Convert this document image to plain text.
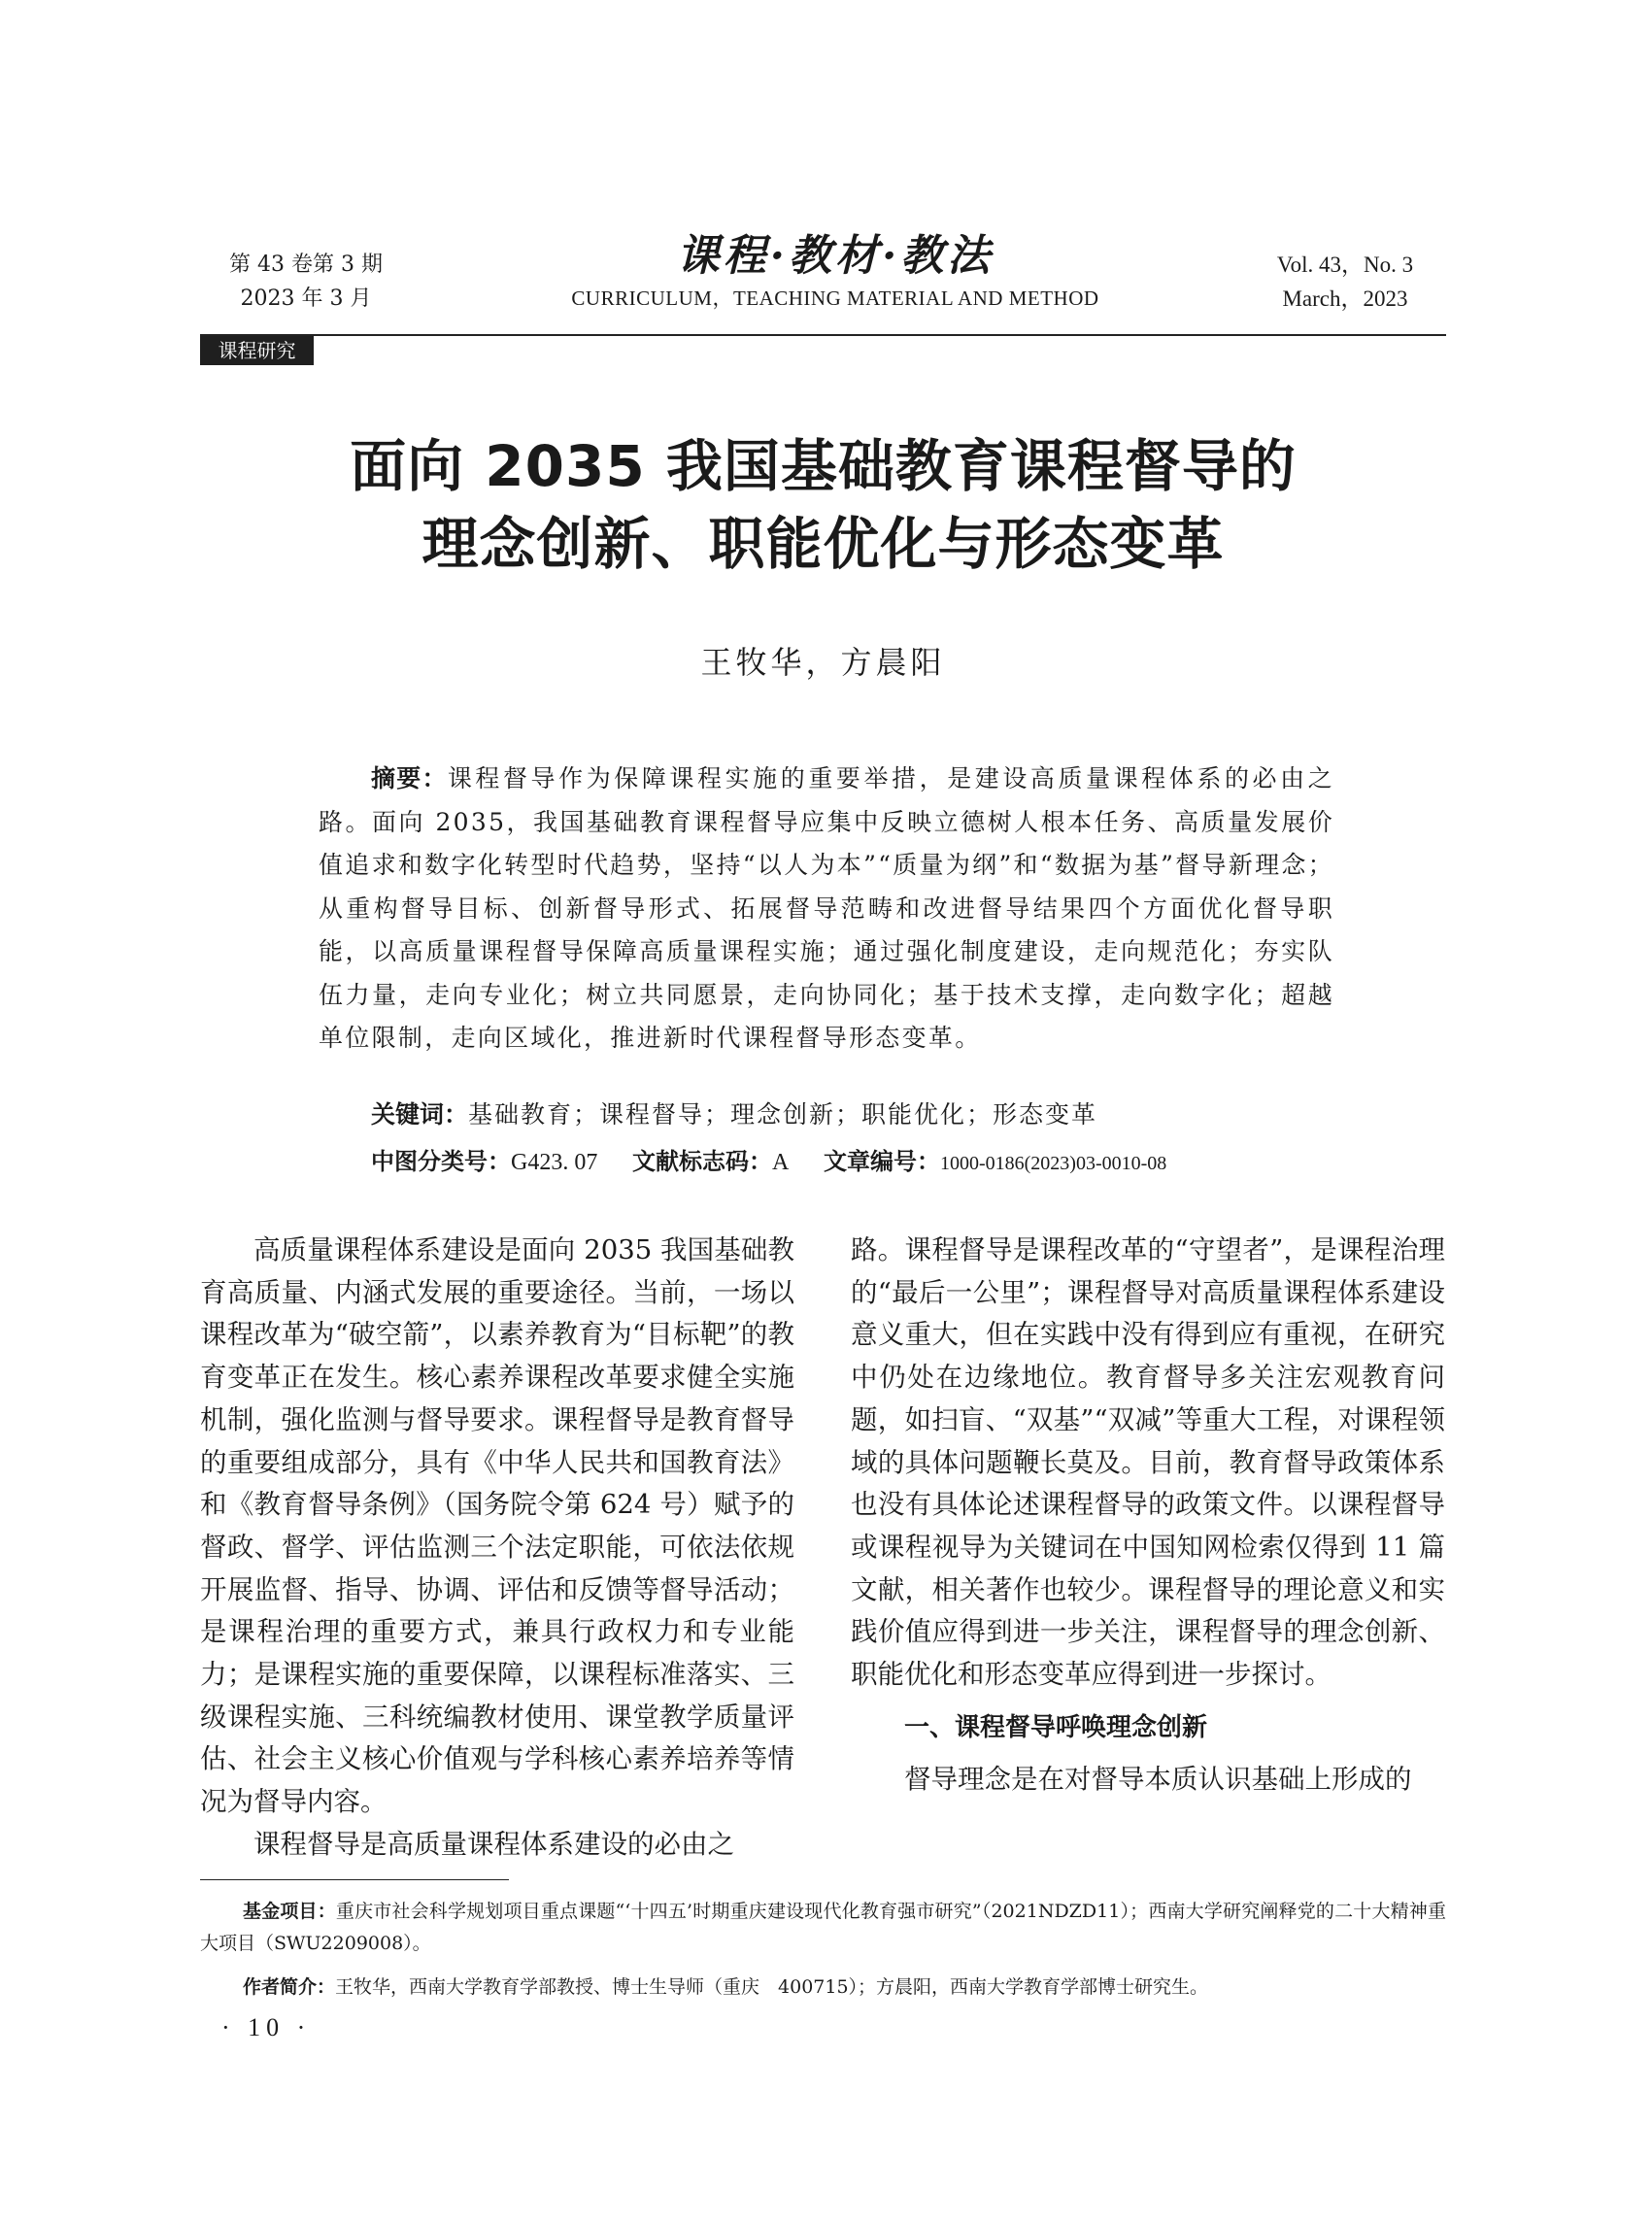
第 43 卷第 3 期
2023 年 3 月
课程·教材·教法
CURRICULUM，TEACHING MATERIAL AND METHOD
Vol. 43，No. 3
March，2023
课程研究
面向 2035 我国基础教育课程督导的
理念创新、职能优化与形态变革
王牧华，方晨阳
摘要：课程督导作为保障课程实施的重要举措，是建设高质量课程体系的必由之路。面向 2035，我国基础教育课程督导应集中反映立德树人根本任务、高质量发展价值追求和数字化转型时代趋势，坚持“以人为本”“质量为纲”和“数据为基”督导新理念；从重构督导目标、创新督导形式、拓展督导范畴和改进督导结果四个方面优化督导职能，以高质量课程督导保障高质量课程实施；通过强化制度建设，走向规范化；夯实队伍力量，走向专业化；树立共同愿景，走向协同化；基于技术支撑，走向数字化；超越单位限制，走向区域化，推进新时代课程督导形态变革。
关键词：基础教育；课程督导；理念创新；职能优化；形态变革
中图分类号：G423. 07 文献标志码：A 文章编号：1000-0186(2023)03-0010-08

高质量课程体系建设是面向 2035 我国基础教育高质量、内涵式发展的重要途径。当前，一场以课程改革为“破空箭”，以素养教育为“目标靶”的教育变革正在发生。核心素养课程改革要求健全实施机制，强化监测与督导要求。课程督导是教育督导的重要组成部分，具有《中华人民共和国教育法》和《教育督导条例》（国务院令第 624 号）赋予的督政、督学、评估监测三个法定职能，可依法依规开展监督、指导、协调、评估和反馈等督导活动；是课程治理的重要方式，兼具行政权力和专业能力；是课程实施的重要保障，以课程标准落实、三级课程实施、三科统编教材使用、课堂教学质量评估、社会主义核心价值观与学科核心素养培养等情况为督导内容。

课程督导是高质量课程体系建设的必由之

路。课程督导是课程改革的“守望者”，是课程治理的“最后一公里”；课程督导对高质量课程体系建设意义重大，但在实践中没有得到应有重视，在研究中仍处在边缘地位。教育督导多关注宏观教育问题，如扫盲、“双基”“双减”等重大工程，对课程领域的具体问题鞭长莫及。目前，教育督导政策体系也没有具体论述课程督导的政策文件。以课程督导或课程视导为关键词在中国知网检索仅得到 11 篇文献，相关著作也较少。课程督导的理论意义和实践价值应得到进一步关注，课程督导的理念创新、职能优化和形态变革应得到进一步探讨。

一、课程督导呼唤理念创新

督导理念是在对督导本质认识基础上形成的

基金项目：重庆市社会科学规划项目重点课题“‘十四五’时期重庆建设现代化教育强市研究”（2021NDZD11）；西南大学研究阐释党的二十大精神重大项目（SWU2209008）。
作者简介：王牧华，西南大学教育学部教授、博士生导师（重庆　400715）；方晨阳，西南大学教育学部博士研究生。
· 10 ·
